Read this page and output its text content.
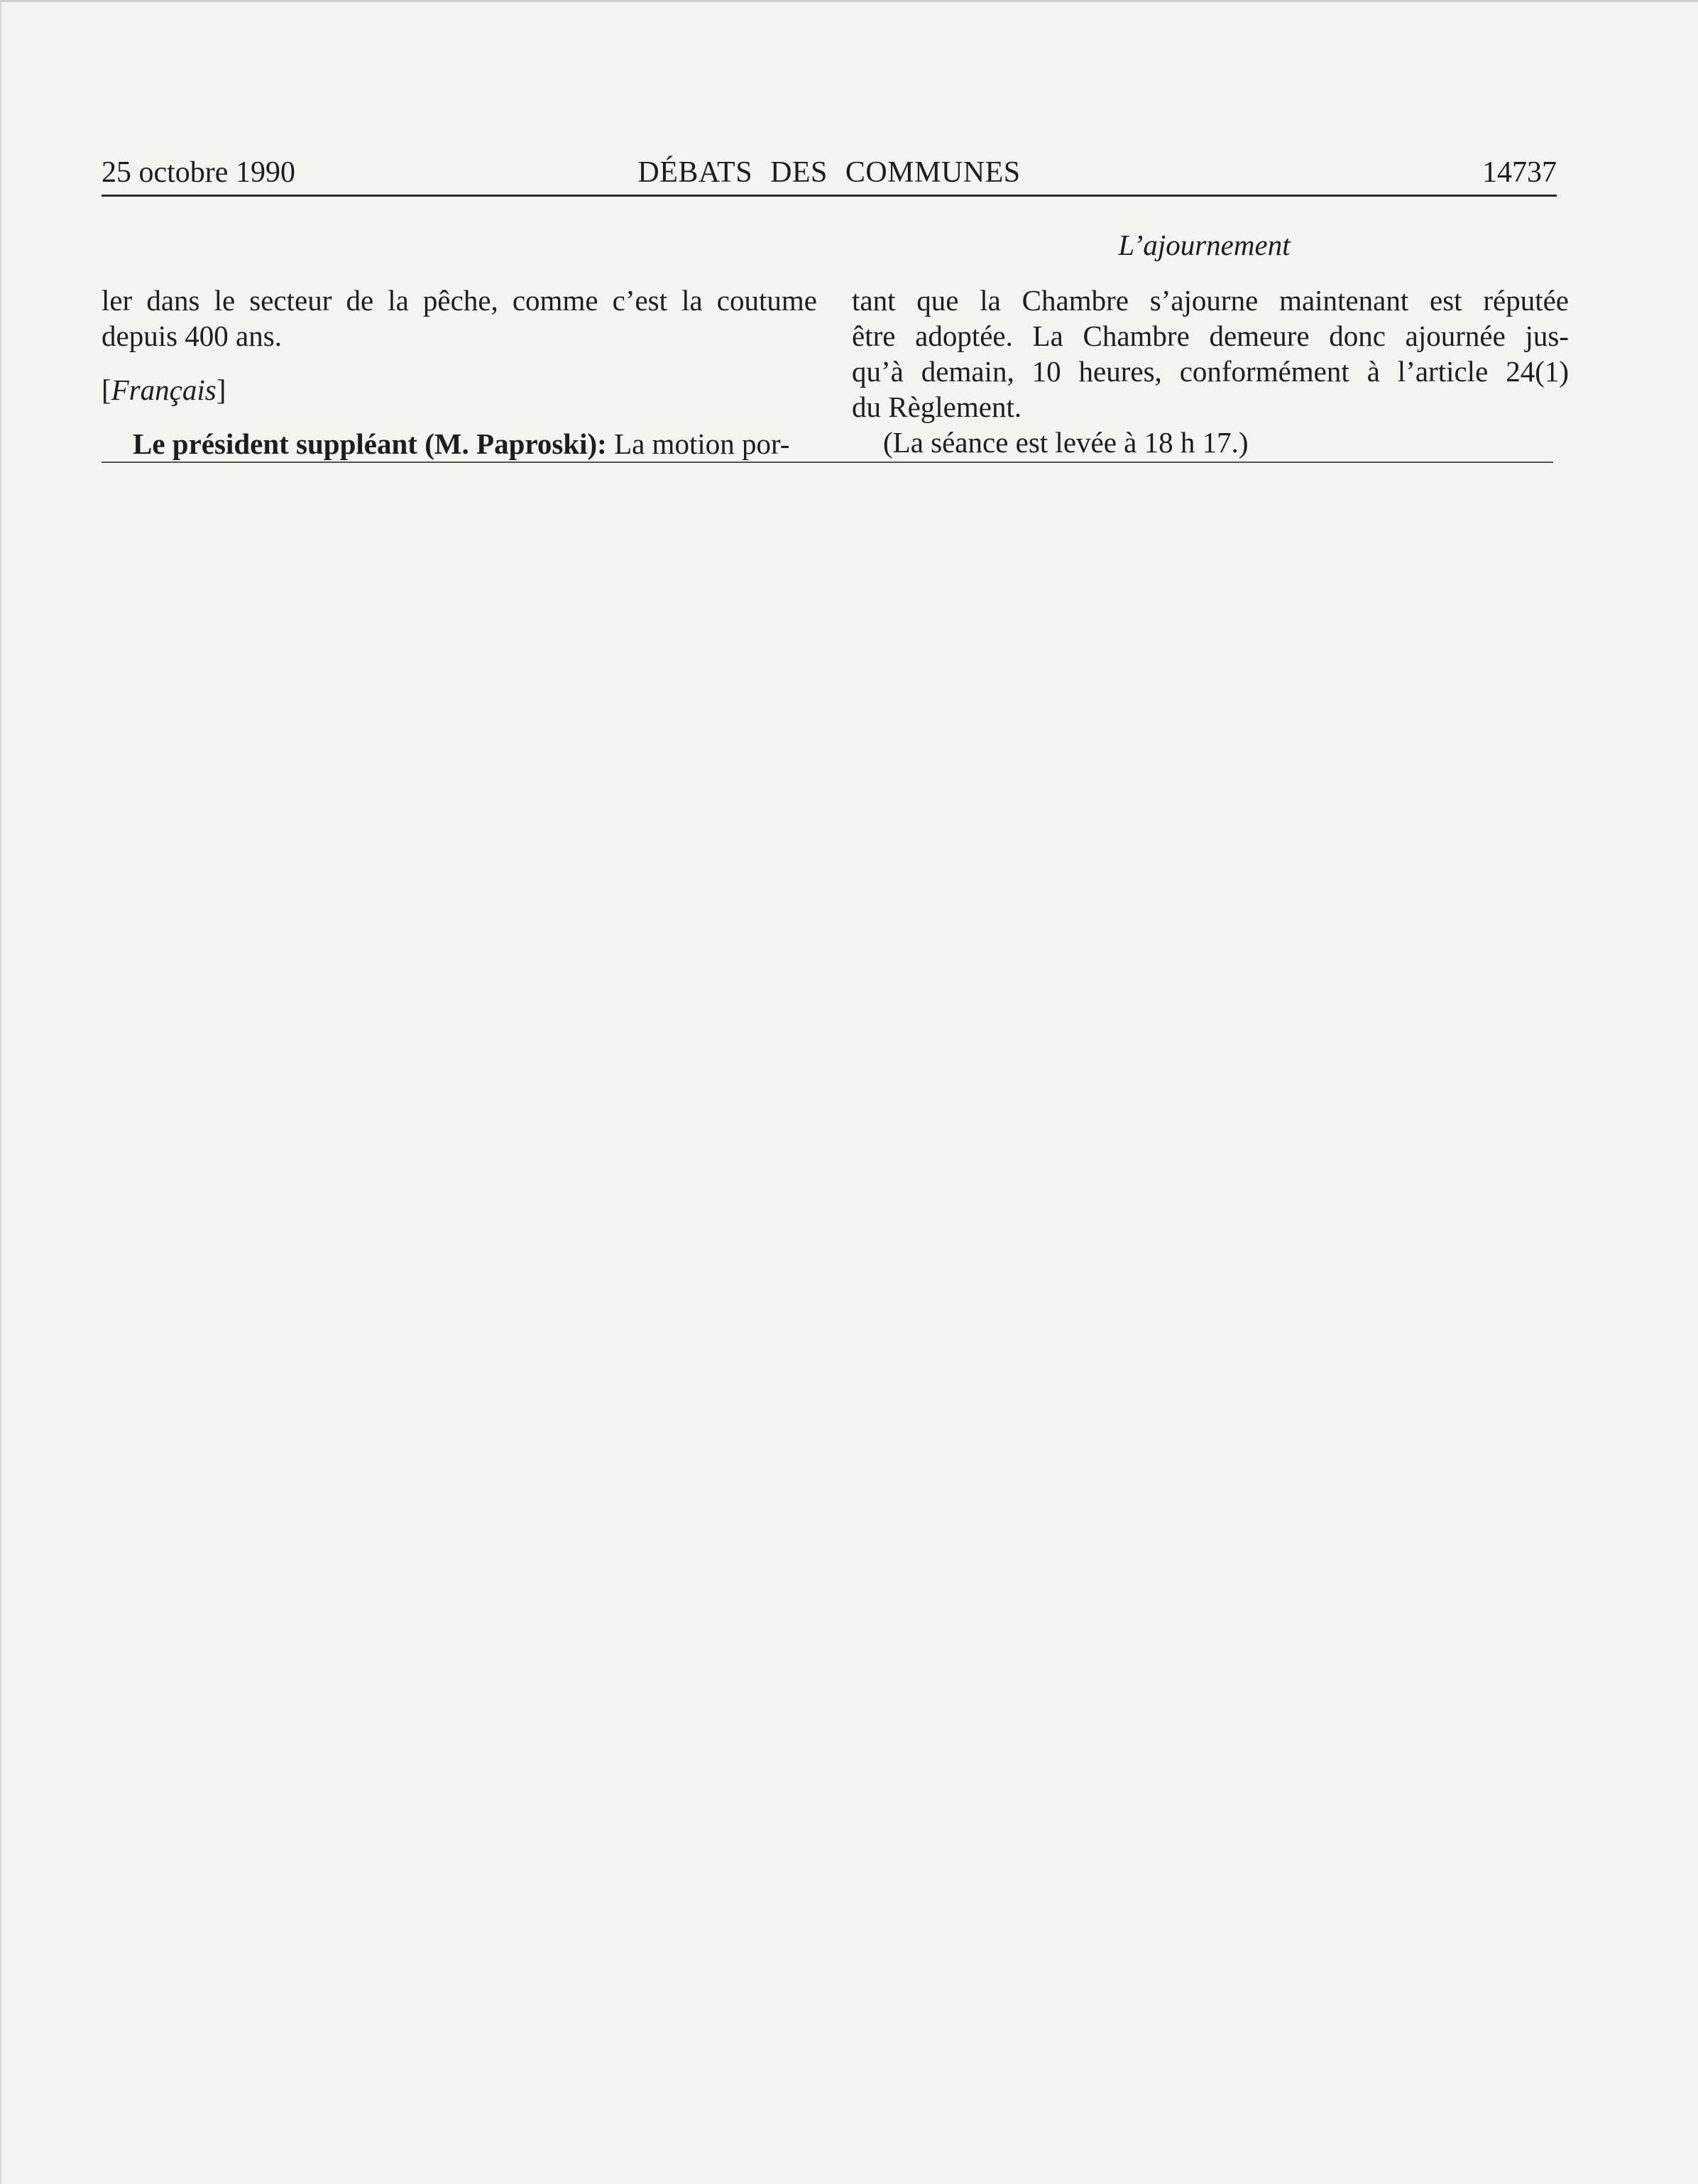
25 octobre 1990	DÉBATS DES COMMUNES	14737
L’ajournement

ler dans le secteur de la pêche, comme c’est la coutume
depuis 400 ans.

[Français]

Le président suppléant (M. Paproski): La motion por-

tant que la Chambre s’ajourne maintenant est réputée
être adoptée. La Chambre demeure donc ajournée jus-
qu’à demain, 10 heures, conformément à l’article 24(1)
du Règlement.

(La séance est levée à 18 h 17.)
